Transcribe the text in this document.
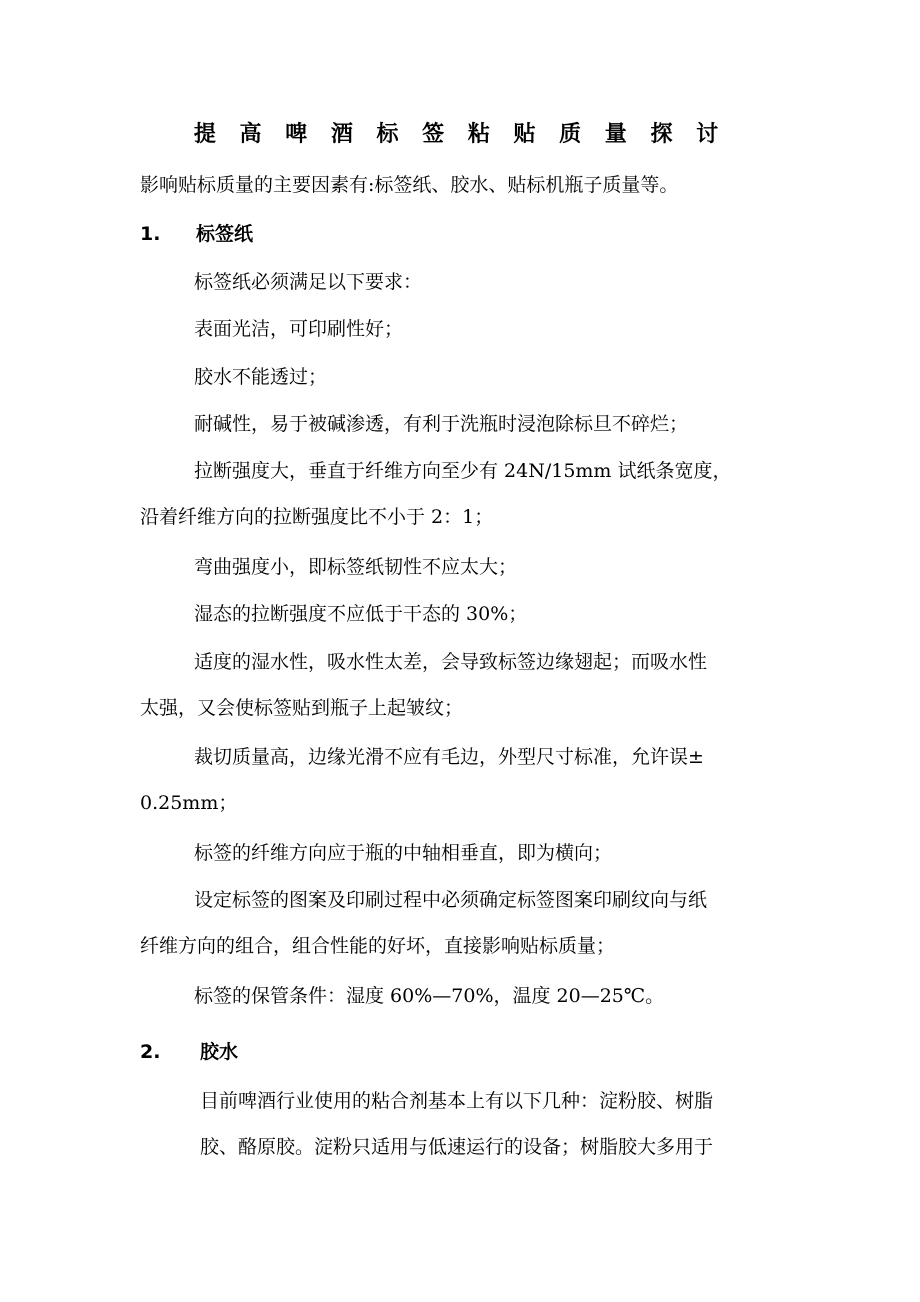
提 高 啤 酒 标 签 粘 贴 质 量 探 讨
影响贴标质量的主要因素有:标签纸、胶水、贴标机瓶子质量等。
1. 标签纸
标签纸必须满足以下要求：
表面光洁，可印刷性好；
胶水不能透过；
耐碱性，易于被碱渗透，有利于洗瓶时浸泡除标旦不碎烂；
拉断强度大，垂直于纤维方向至少有 24N/15mm 试纸条宽度，
沿着纤维方向的拉断强度比不小于 2：1；
弯曲强度小，即标签纸韧性不应太大；
湿态的拉断强度不应低于干态的 30%；
适度的湿水性，吸水性太差，会导致标签边缘翅起；而吸水性
太强，又会使标签贴到瓶子上起皱纹；
裁切质量高，边缘光滑不应有毛边，外型尺寸标准，允许误±
0.25mm；
标签的纤维方向应于瓶的中轴相垂直，即为横向；
设定标签的图案及印刷过程中必须确定标签图案印刷纹向与纸
纤维方向的组合，组合性能的好坏，直接影响贴标质量；
标签的保管条件：湿度 60%—70%，温度 20—25℃。
2. 胶水
目前啤酒行业使用的粘合剂基本上有以下几种：淀粉胶、树脂
胶、酪原胶。淀粉只适用与低速运行的设备；树脂胶大多用于
